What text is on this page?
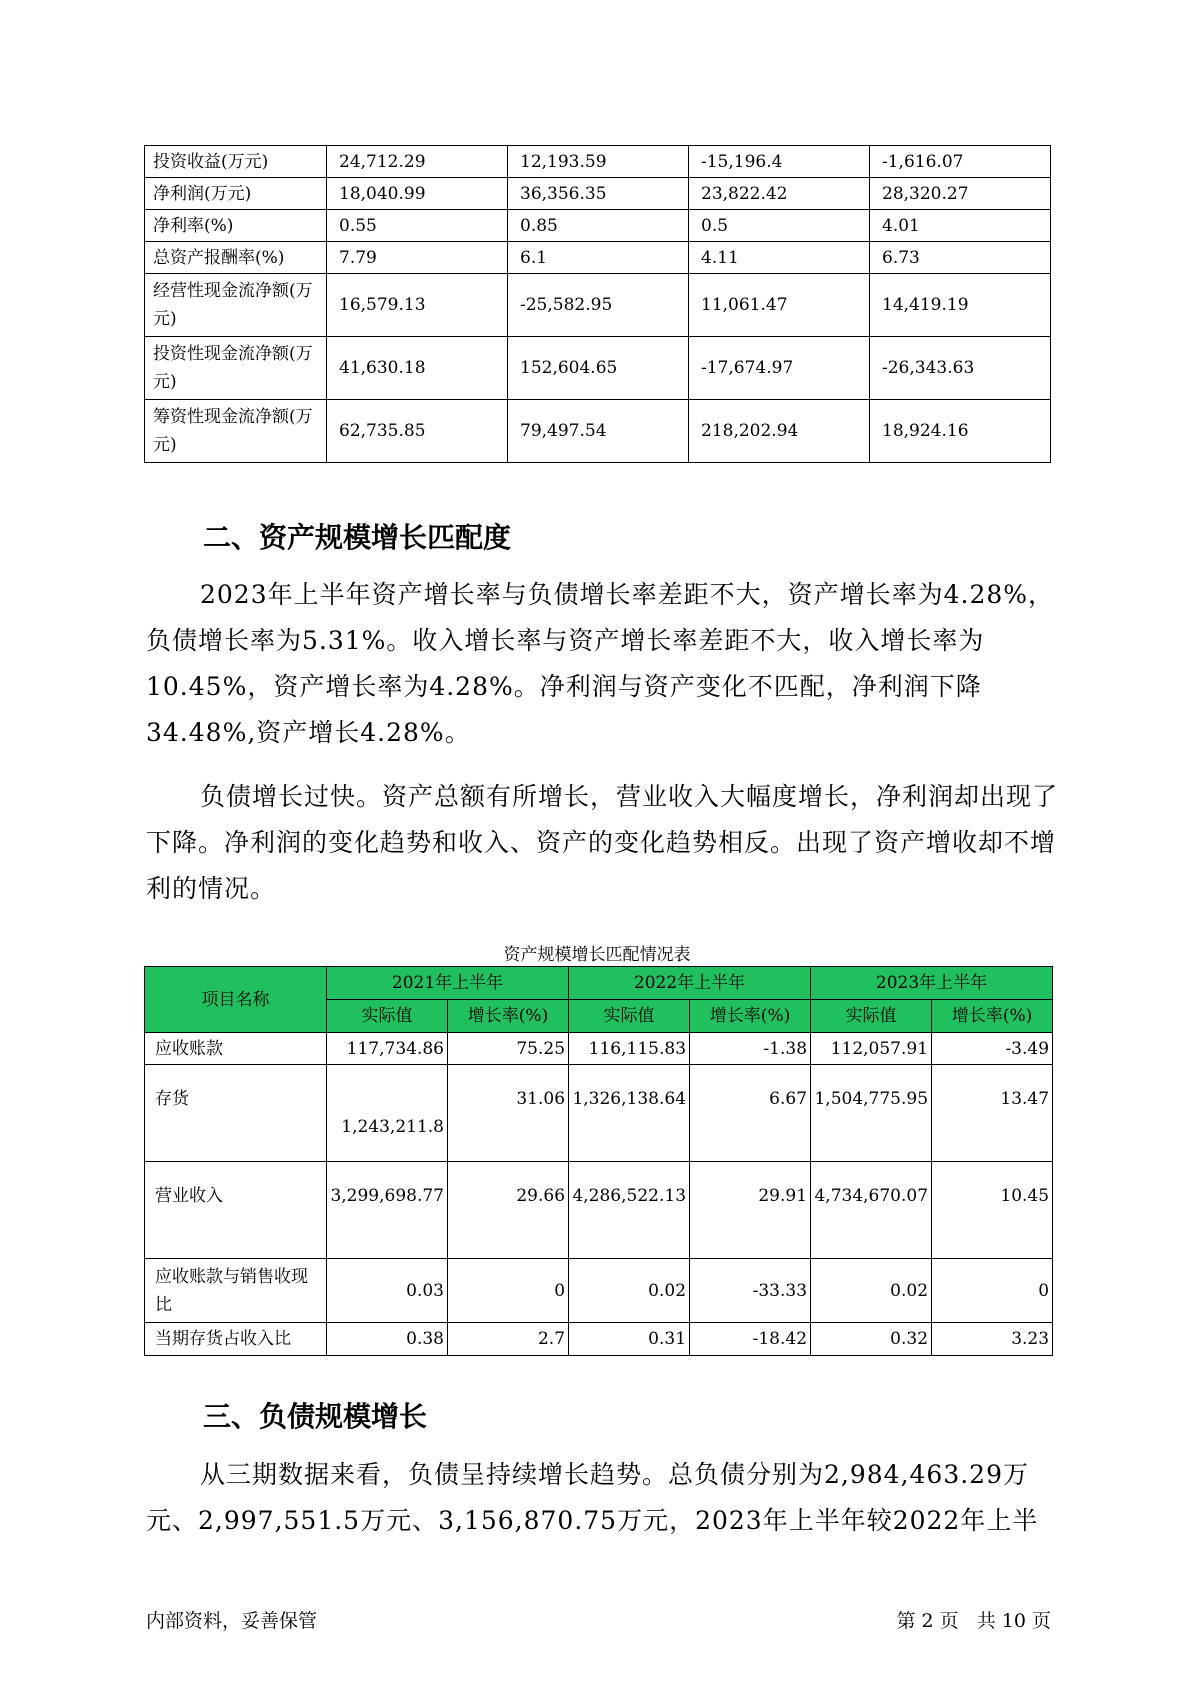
投资收益(万元)	24,712.29	12,193.59	-15,196.4	-1,616.07
净利润(万元)	18,040.99	36,356.35	23,822.42	28,320.27
净利率(%)	0.55	0.85	0.5	4.01
总资产报酬率(%)	7.79	6.1	4.11	6.73
经营性现金流净额(万元)	16,579.13	-25,582.95	11,061.47	14,419.19
投资性现金流净额(万元)	41,630.18	152,604.65	-17,674.97	-26,343.63
筹资性现金流净额(万元)	62,735.85	79,497.54	218,202.94	18,924.16
二、资产规模增长匹配度
2023年上半年资产增长率与负债增长率差距不大，资产增长率为4.28%，负债增长率为5.31%。收入增长率与资产增长率差距不大，收入增长率为10.45%，资产增长率为4.28%。净利润与资产变化不匹配，净利润下降34.48%,资产增长4.28%。
负债增长过快。资产总额有所增长，营业收入大幅度增长，净利润却出现了下降。净利润的变化趋势和收入、资产的变化趋势相反。出现了资产增收却不增利的情况。
资产规模增长匹配情况表
项目名称	2021年上半年		2022年上半年		2023年上半年	
	实际值	增长率(%)	实际值	增长率(%)	实际值	增长率(%)
应收账款	117,734.86	75.25	116,115.83	-1.38	112,057.91	-3.49
存货	1,243,211.8	31.06	1,326,138.64	6.67	1,504,775.95	13.47
营业收入	3,299,698.77	29.66	4,286,522.13	29.91	4,734,670.07	10.45
应收账款与销售收现比	0.03	0	0.02	-33.33	0.02	0
当期存货占收入比	0.38	2.7	0.31	-18.42	0.32	3.23
三、负债规模增长
从三期数据来看，负债呈持续增长趋势。总负债分别为2,984,463.29万元、2,997,551.5万元、3,156,870.75万元，2023年上半年较2022年上半
内部资料，妥善保管	第 2 页   共 10 页
